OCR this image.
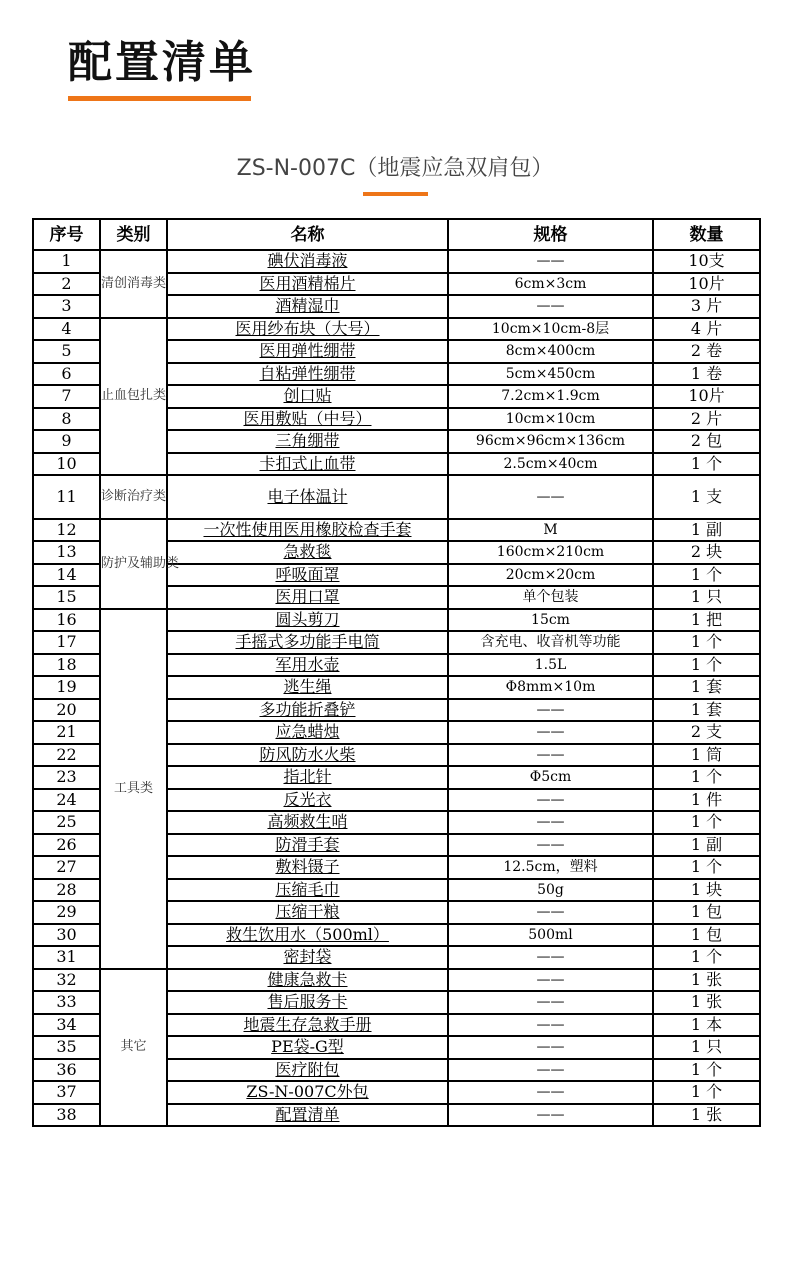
配置清单
ZS-N-007C（地震应急双肩包）
序号	类别	名称	规格	数量
1	清创消毒类	碘伏消毒液	——	10支
2		医用酒精棉片	6cm×3cm	10片
3		酒精湿巾	——	3 片
4	止血包扎类	医用纱布块（大号）	10cm×10cm-8层	4 片
5		医用弹性绷带	8cm×400cm	2 卷
6		自粘弹性绷带	5cm×450cm	1 卷
7		创口贴	7.2cm×1.9cm	10片
8		医用敷贴（中号）	10cm×10cm	2 片
9		三角绷带	96cm×96cm×136cm	2 包
10		卡扣式止血带	2.5cm×40cm	1 个
11	诊断治疗类	电子体温计	——	1 支
12	防护及辅助类	一次性使用医用橡胶检查手套	M	1 副
13		急救毯	160cm×210cm	2 块
14		呼吸面罩	20cm×20cm	1 个
15		医用口罩	单个包装	1 只
16	工具类	圆头剪刀	15cm	1 把
17		手摇式多功能手电筒	含充电、收音机等功能	1 个
18		军用水壶	1.5L	1 个
19		逃生绳	Φ8mm×10m	1 套
20		多功能折叠铲	——	1 套
21		应急蜡烛	——	2 支
22		防风防水火柴	——	1 筒
23		指北针	Φ5cm	1 个
24		反光衣	——	1 件
25		高频救生哨	——	1 个
26		防滑手套	——	1 副
27		敷料镊子	12.5cm，塑料	1 个
28		压缩毛巾	50g	1 块
29		压缩干粮	——	1 包
30		救生饮用水（500ml）	500ml	1 包
31		密封袋	——	1 个
32	其它	健康急救卡	——	1 张
33		售后服务卡	——	1 张
34		地震生存急救手册	——	1 本
35		PE袋-G型	——	1 只
36		医疗附包	——	1 个
37		ZS-N-007C外包	——	1 个
38		配置清单	——	1 张
